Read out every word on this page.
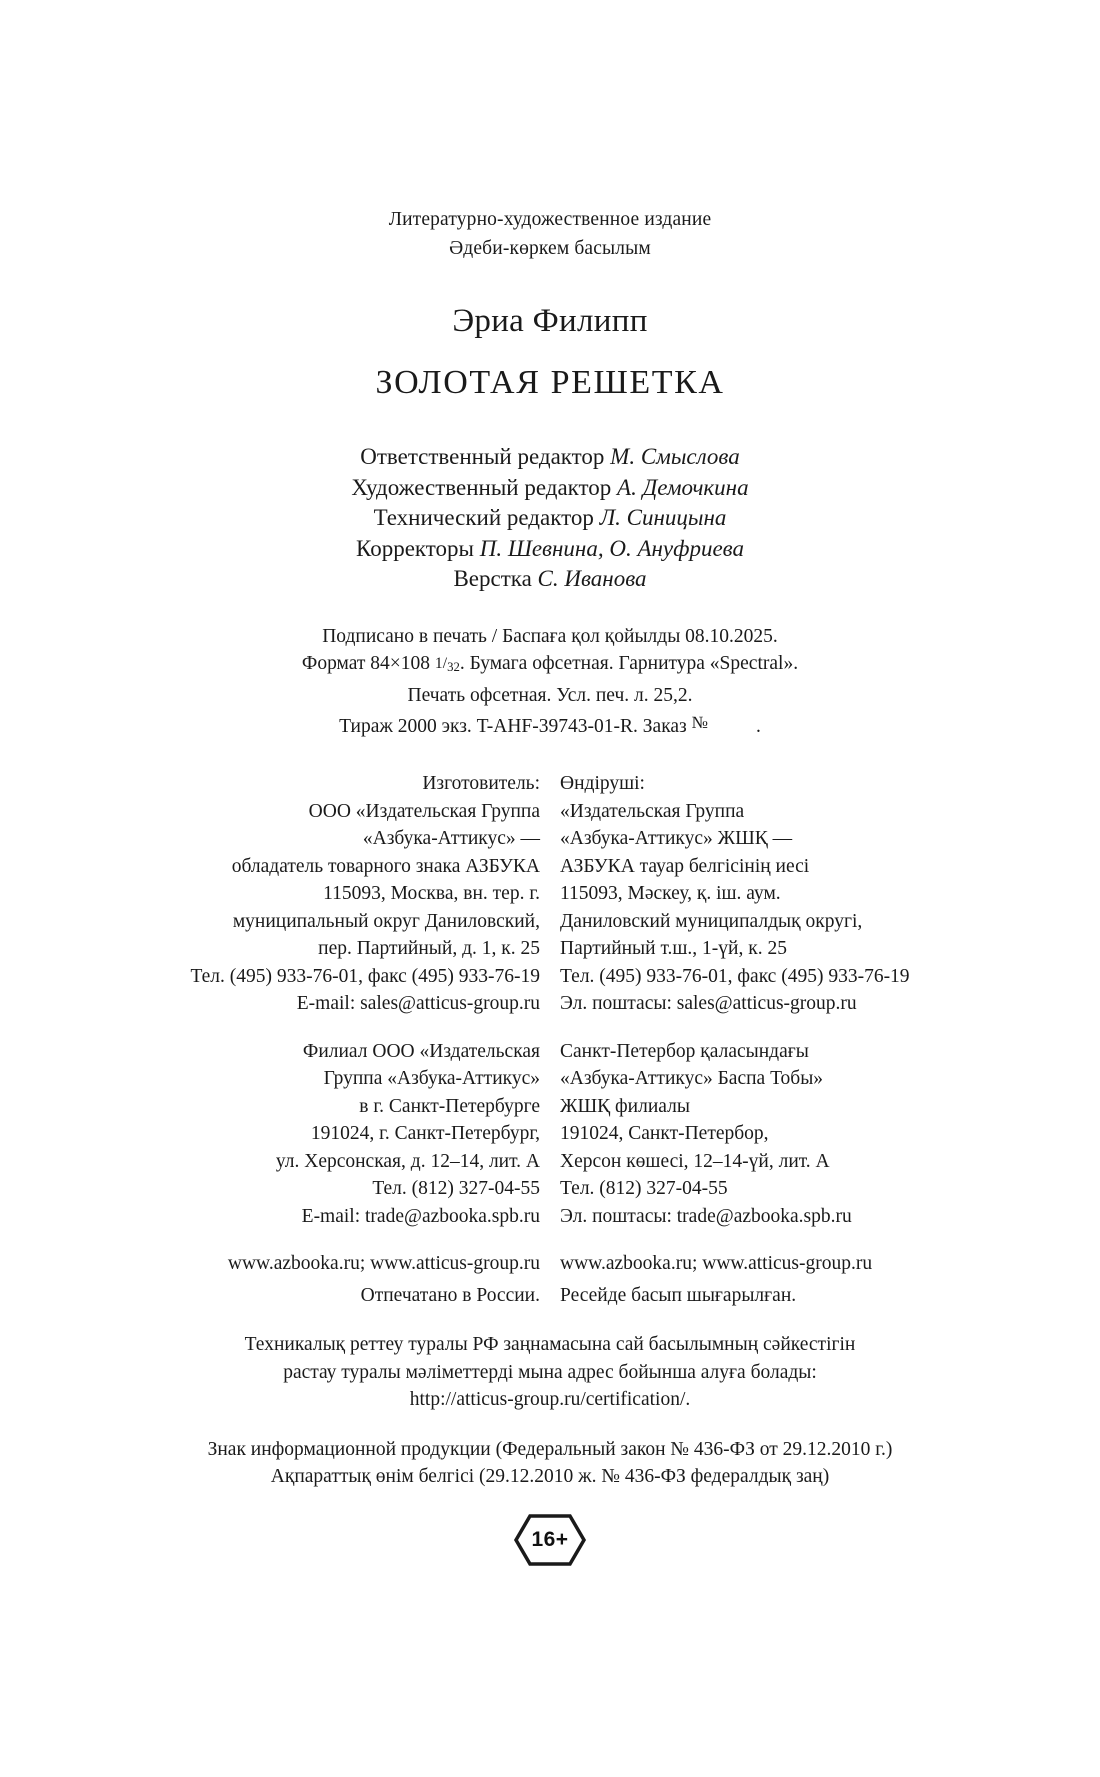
Литературно-художественное издание
Әдеби-көркем басылым
Эриа Филипп
ЗОЛОТАЯ РЕШЕТКА
Ответственный редактор М. Смыслова
Художественный редактор А. Демочкина
Технический редактор Л. Синицына
Корректоры П. Шевнина, О. Ануфриева
Верстка С. Иванова
Подписано в печать / Баспаға қол қойылды 08.10.2025.
Формат 84×108 $1/_{32}$. Бумага офсетная. Гарнитура «Spectral».
Печать офсетная. Усл. печ. л. 25,2.
Тираж 2000 экз. T-AHF-39743-01-R. Заказ № .

Изготовитель:

ООО «Издательская Группа

«Азбука-Аттикус» —

обладатель товарного знака АЗБУКА

115093, Москва, вн. тер. г.

муниципальный округ Даниловский,

пер. Партийный, д. 1, к. 25

Тел. (495) 933-76-01, факс (495) 933-76-19

E-mail: sales@atticus-group.ru

Филиал ООО «Издательская

Группа «Азбука-Аттикус»

в г. Санкт-Петербурге

191024, г. Санкт-Петербург,

ул. Херсонская, д. 12–14, лит. А

Тел. (812) 327-04-55

E-mail: trade@azbooka.spb.ru

Өндіруші:

«Издательская Группа

«Азбука-Аттикус» ЖШҚ —

АЗБУКА тауар белгісінің иесі

115093, Мәскеу, қ. іш. аум.

Даниловский муниципалдық округі,

Партийный т.ш., 1-үй, к. 25

Тел. (495) 933-76-01, факс (495) 933-76-19

Эл. поштасы: sales@atticus-group.ru

Санкт-Петербор қаласындағы

«Азбука-Аттикус» Баспа Тобы»

ЖШҚ филиалы

191024, Санкт-Петербор,

Херсон көшесі, 12–14-үй, лит. А

Тел. (812) 327-04-55

Эл. поштасы: trade@azbooka.spb.ru

www.azbooka.ru; www.atticus-group.ru www.azbooka.ru; www.atticus-group.ru
Отпечатано в России. Ресейде басып шығарылған.
Техникалық реттеу туралы РФ заңнамасына сай басылымның сәйкестігін
растау туралы мәліметтерді мына адрес бойынша алуға болады:
http://atticus-group.ru/certification/.
Знак информационной продукции (Федеральный закон № 436-ФЗ от 29.12.2010 г.)
Ақпараттық өнім белгісі (29.12.2010 ж. № 436-ФЗ федералдық заң)
16+
